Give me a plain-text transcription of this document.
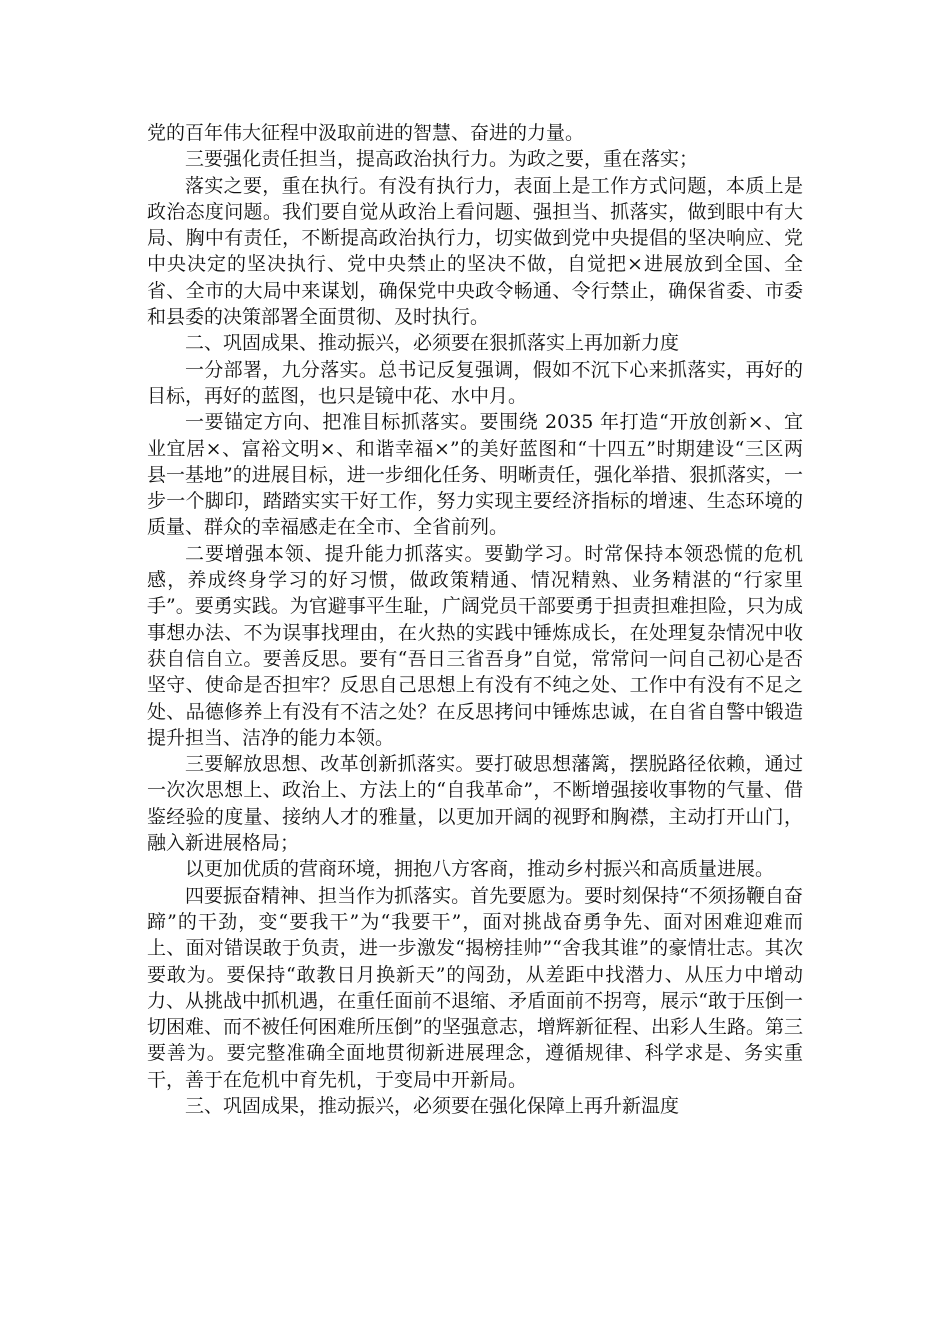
党的百年伟大征程中汲取前进的智慧、奋进的力量。

三要强化责任担当，提高政治执行力。为政之要，重在落实；

落实之要，重在执行。有没有执行力，表面上是工作方式问题，本质上是政治态度问题。我们要自觉从政治上看问题、强担当、抓落实，做到眼中有大局、胸中有责任，不断提高政治执行力，切实做到党中央提倡的坚决响应、党中央决定的坚决执行、党中央禁止的坚决不做，自觉把×进展放到全国、全省、全市的大局中来谋划，确保党中央政令畅通、令行禁止，确保省委、市委和县委的决策部署全面贯彻、及时执行。

二、巩固成果、推动振兴，必须要在狠抓落实上再加新力度

一分部署，九分落实。总书记反复强调，假如不沉下心来抓落实，再好的目标，再好的蓝图，也只是镜中花、水中月。

一要锚定方向、把准目标抓落实。要围绕 2035 年打造“开放创新×、宜业宜居×、富裕文明×、和谐幸福×”的美好蓝图和“十四五”时期建设“三区两县一基地”的进展目标，进一步细化任务、明晰责任，强化举措、狠抓落实，一步一个脚印，踏踏实实干好工作，努力实现主要经济指标的增速、生态环境的质量、群众的幸福感走在全市、全省前列。

二要增强本领、提升能力抓落实。要勤学习。时常保持本领恐慌的危机感，养成终身学习的好习惯，做政策精通、情况精熟、业务精湛的“行家里手”。要勇实践。为官避事平生耻，广阔党员干部要勇于担责担难担险，只为成事想办法、不为误事找理由，在火热的实践中锤炼成长，在处理复杂情况中收获自信自立。要善反思。要有“吾日三省吾身”自觉，常常问一问自己初心是否坚守、使命是否担牢？反思自己思想上有没有不纯之处、工作中有没有不足之处、品德修养上有没有不洁之处？在反思拷问中锤炼忠诚，在自省自警中锻造提升担当、洁净的能力本领。

三要解放思想、改革创新抓落实。要打破思想藩篱，摆脱路径依赖，通过一次次思想上、政治上、方法上的“自我革命”，不断增强接收事物的气量、借鉴经验的度量、接纳人才的雅量，以更加开阔的视野和胸襟，主动打开山门，融入新进展格局；

以更加优质的营商环境，拥抱八方客商，推动乡村振兴和高质量进展。

四要振奋精神、担当作为抓落实。首先要愿为。要时刻保持“不须扬鞭自奋蹄”的干劲，变“要我干”为“我要干”，面对挑战奋勇争先、面对困难迎难而上、面对错误敢于负责，进一步激发“揭榜挂帅”“舍我其谁”的豪情壮志。其次要敢为。要保持“敢教日月换新天”的闯劲，从差距中找潜力、从压力中增动力、从挑战中抓机遇，在重任面前不退缩、矛盾面前不拐弯，展示“敢于压倒一切困难、而不被任何困难所压倒”的坚强意志，增辉新征程、出彩人生路。第三要善为。要完整准确全面地贯彻新进展理念，遵循规律、科学求是、务实重干，善于在危机中育先机，于变局中开新局。

三、巩固成果，推动振兴，必须要在强化保障上再升新温度
